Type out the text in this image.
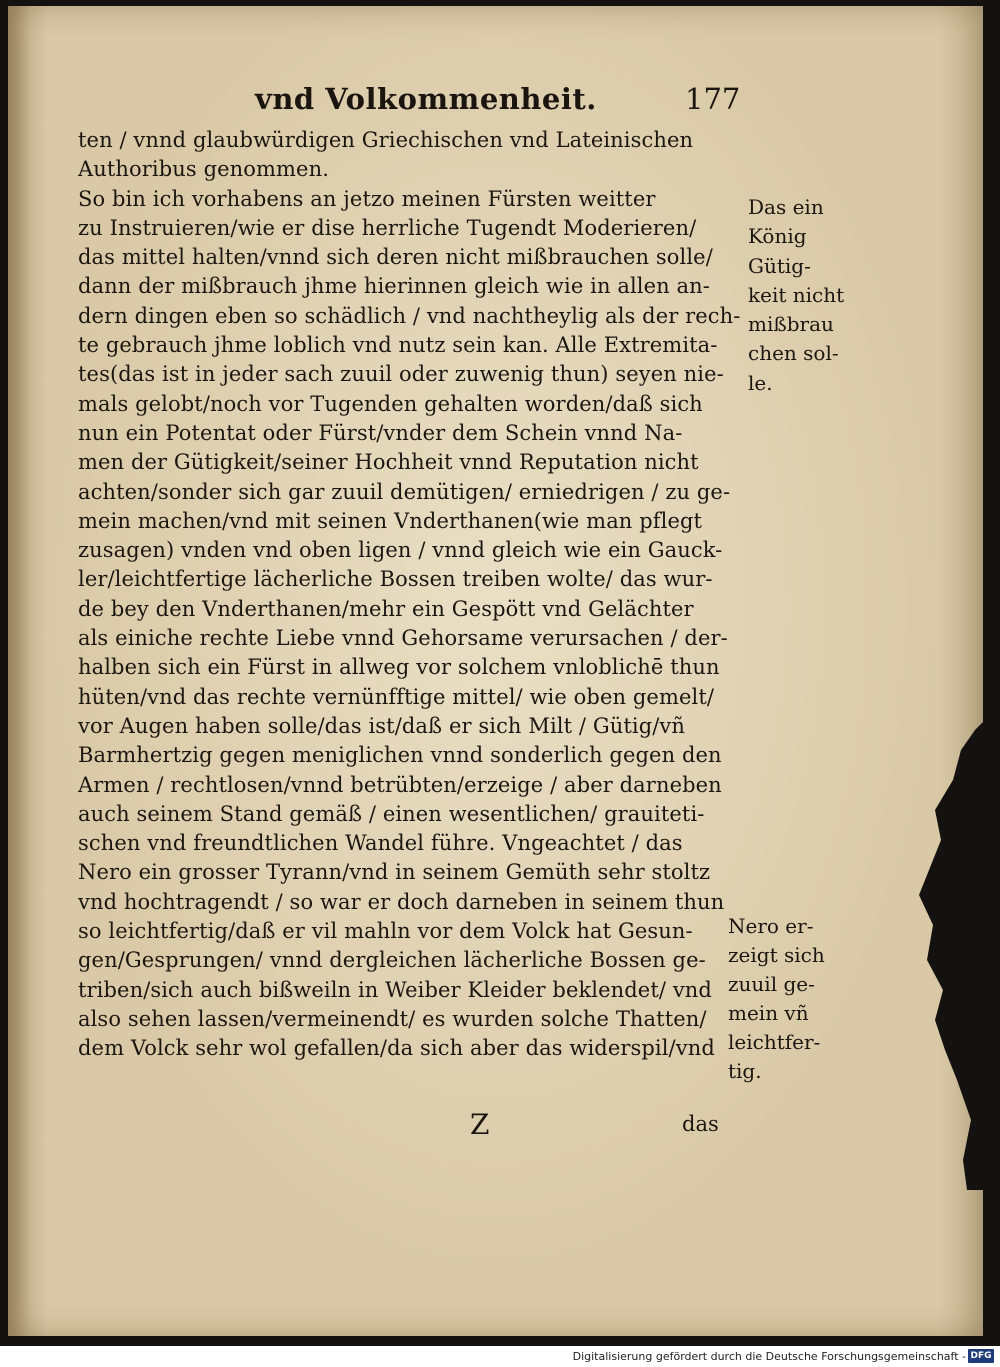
vnd Volkommenheit.	177
ten / vnnd glaubwürdigen Griechischen vnd Lateinischen
Authoribus genommen.
So bin ich vorhabens an jetzo meinen Fürsten weitter
zu Instruieren/wie er dise herrliche Tugendt Moderieren/
das mittel halten/vnnd sich deren nicht mißbrauchen solle/
dann der mißbrauch jhme hierinnen gleich wie in allen an-
dern dingen eben so schädlich / vnd nachtheylig als der rech-
te gebrauch jhme loblich vnd nutz sein kan. Alle Extremita-
tes(das ist in jeder sach zuuil oder zuwenig thun) seyen nie-
mals gelobt/noch vor Tugenden gehalten worden/daß sich
nun ein Potentat oder Fürst/vnder dem Schein vnnd Na-
men der Gütigkeit/seiner Hochheit vnnd Reputation nicht
achten/sonder sich gar zuuil demütigen/ erniedrigen / zu ge-
mein machen/vnd mit seinen Vnderthanen(wie man pflegt
zusagen) vnden vnd oben ligen / vnnd gleich wie ein Gauck-
ler/leichtfertige lächerliche Bossen treiben wolte/ das wur-
de bey den Vnderthanen/mehr ein Gespött vnd Gelächter
als einiche rechte Liebe vnnd Gehorsame verursachen / der-
halben sich ein Fürst in allweg vor solchem vnloblichē thun
hüten/vnd das rechte vernünfftige mittel/ wie oben gemelt/
vor Augen haben solle/das ist/daß er sich Milt / Gütig/vñ
Barmhertzig gegen meniglichen vnnd sonderlich gegen den
Armen / rechtlosen/vnnd betrübten/erzeige / aber darneben
auch seinem Stand gemäß / einen wesentlichen/ grauiteti-
schen vnd freundtlichen Wandel führe. Vngeachtet / das
Nero ein grosser Tyrann/vnd in seinem Gemüth sehr stoltz
vnd hochtragendt / so war er doch darneben in seinem thun
so leichtfertig/daß er vil mahln vor dem Volck hat Gesun-
gen/Gesprungen/ vnnd dergleichen lächerliche Bossen ge-
triben/sich auch bißweiln in Weiber Kleider beklendet/ vnd
also sehen lassen/vermeinendt/ es wurden solche Thatten/
dem Volck sehr wol gefallen/da sich aber das widerspil/vnd
Das ein
König
Gütig-
keit nicht
mißbrau
chen sol-
le.
Nero er-
zeigt sich
zuuil ge-
mein vñ
leichtfer-
tig.
Z	das
Digitalisierung gefördert durch die Deutsche Forschungsgemeinschaft - DFG
